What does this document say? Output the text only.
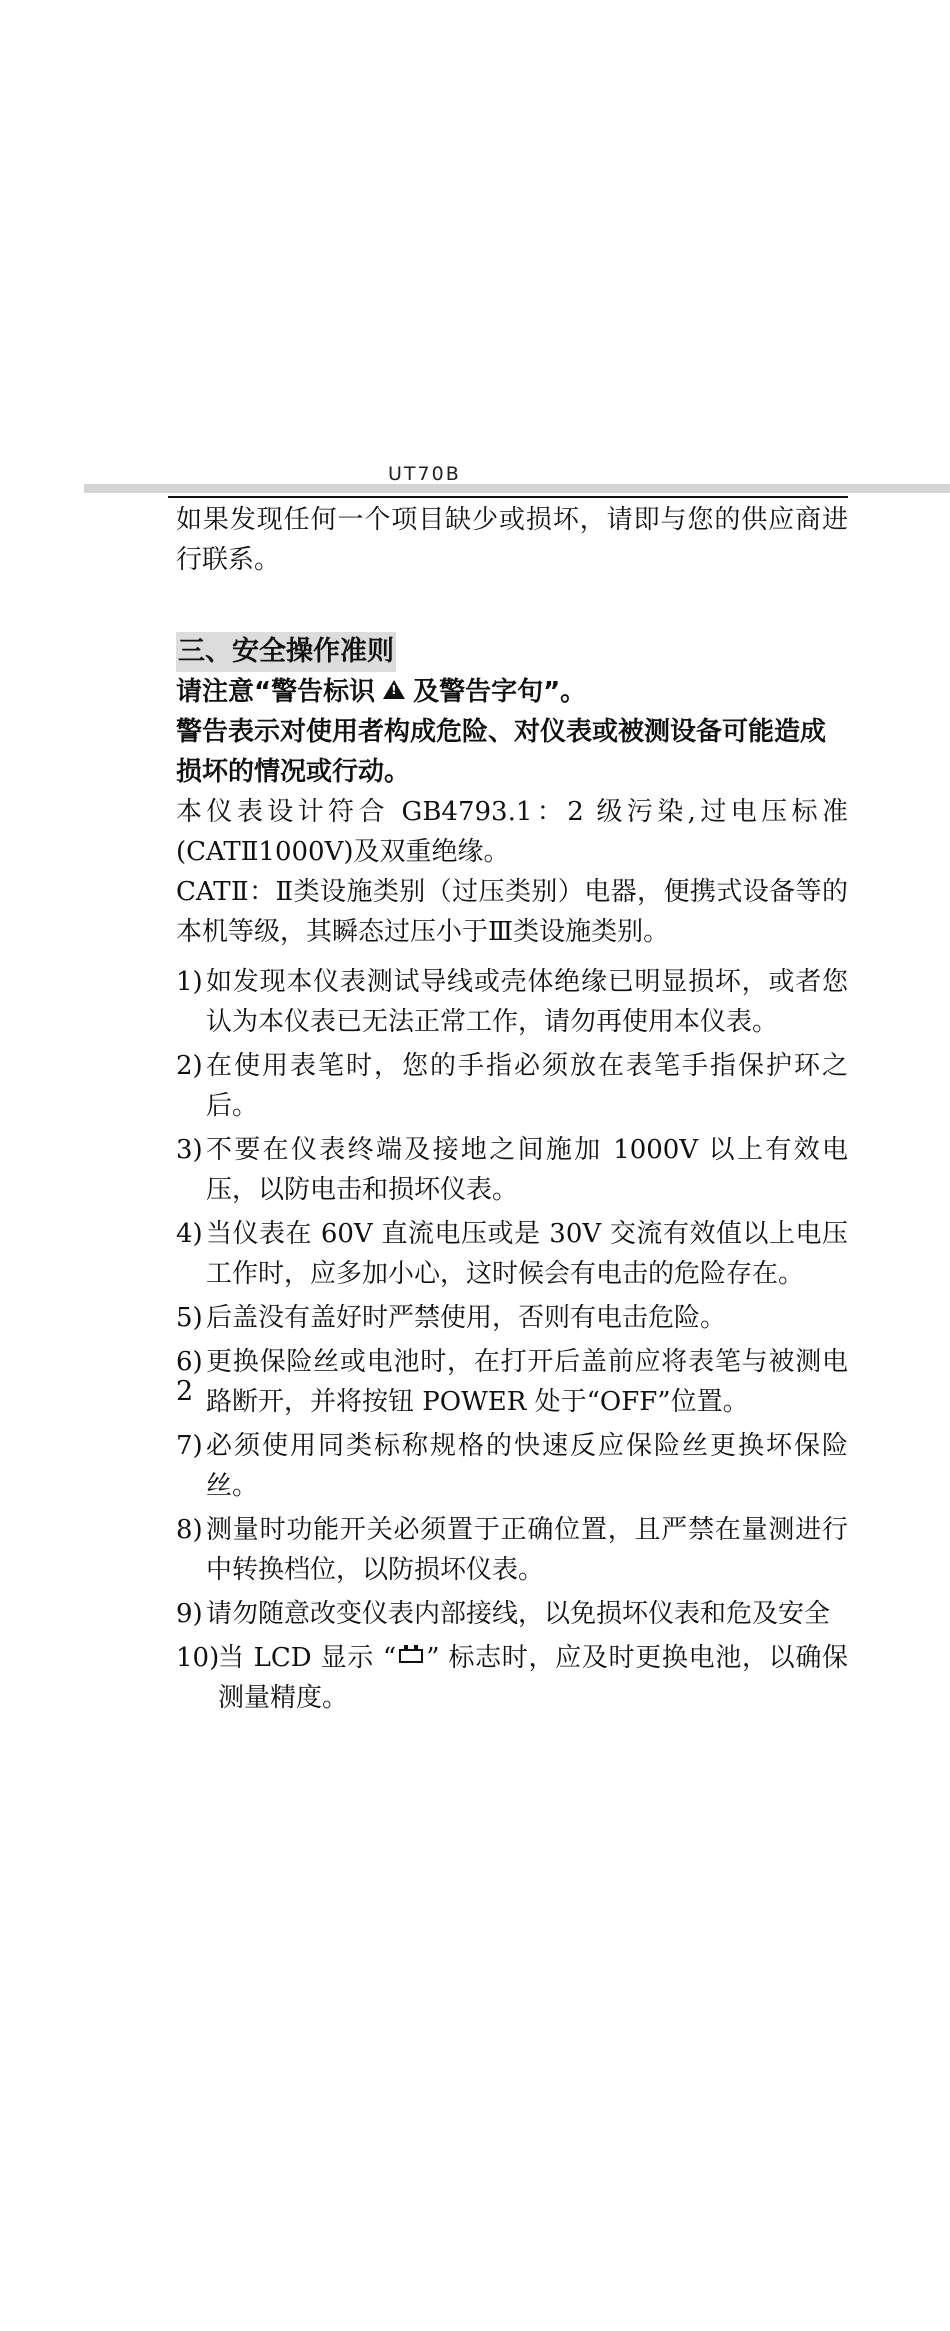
UT70B

如果发现任何一个项目缺少或损坏，请即与您的供应商进行联系。

三、安全操作准则

请注意“警告标识! 及警告字句”。

警告表示对使用者构成危险、对仪表或被测设备可能造成损坏的情况或行动。

本仪表设计符合 GB4793.1：2 级污染,过电压标准(CATⅡ1000V)及双重绝缘。

CATⅡ：Ⅱ类设施类别（过压类别）电器，便携式设备等的本机等级，其瞬态过压小于Ⅲ类设施类别。

1) 如发现本仪表测试导线或壳体绝缘已明显损坏，或者您认为本仪表已无法正常工作，请勿再使用本仪表。
2) 在使用表笔时，您的手指必须放在表笔手指保护环之后。
3) 不要在仪表终端及接地之间施加 1000V 以上有效电压，以防电击和损坏仪表。
4) 当仪表在 60V 直流电压或是 30V 交流有效值以上电压工作时，应多加小心，这时候会有电击的危险存在。
5) 后盖没有盖好时严禁使用，否则有电击危险。
6) 更换保险丝或电池时，在打开后盖前应将表笔与被测电路断开，并将按钮 POWER 处于“OFF”位置。
7) 必须使用同类标称规格的快速反应保险丝更换坏保险丝。
8) 测量时功能开关必须置于正确位置，且严禁在量测进行中转换档位，以防损坏仪表。
9) 请勿随意改变仪表内部接线，以免损坏仪表和危及安全
10)
当 LCD 显示 “ ” 标志时，应及时更换电池，以确保测量精度。
2
